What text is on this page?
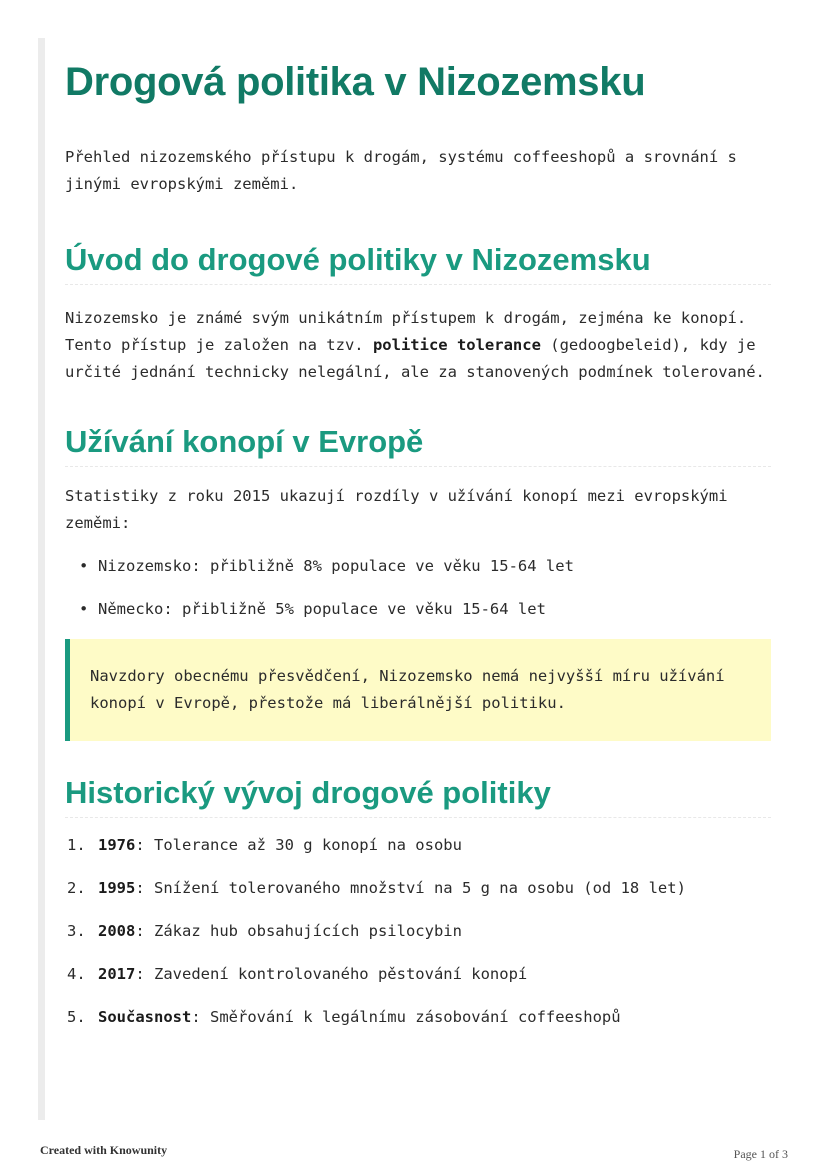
Drogová politika v Nizozemsku

Přehled nizozemského přístupu k drogám, systému coffeeshopů a srovnání s jinými evropskými zeměmi.

Úvod do drogové politiky v Nizozemsku

Nizozemsko je známé svým unikátním přístupem k drogám, zejména ke konopí. Tento přístup je založen na tzv. politice tolerance (gedoogbeleid), kdy je určité jednání technicky nelegální, ale za stanovených podmínek tolerované.

Užívání konopí v Evropě

Statistiky z roku 2015 ukazují rozdíly v užívání konopí mezi evropskými zeměmi:

• Nizozemsko: přibližně 8% populace ve věku 15-64 let
• Německo: přibližně 5% populace ve věku 15-64 let

Navzdory obecnému přesvědčení, Nizozemsko nemá nejvyšší míru užívání konopí v Evropě, přestože má liberálnější politiku.

Historický vývoj drogové politiky
1. 1976: Tolerance až 30 g konopí na osobu
2. 1995: Snížení tolerovaného množství na 5 g na osobu (od 18 let)
3. 2008: Zákaz hub obsahujících psilocybin
4. 2017: Zavedení kontrolovaného pěstování konopí
5. Současnost: Směřování k legálnímu zásobování coffeeshopů
Created with Knowunity	Page 1 of 3
